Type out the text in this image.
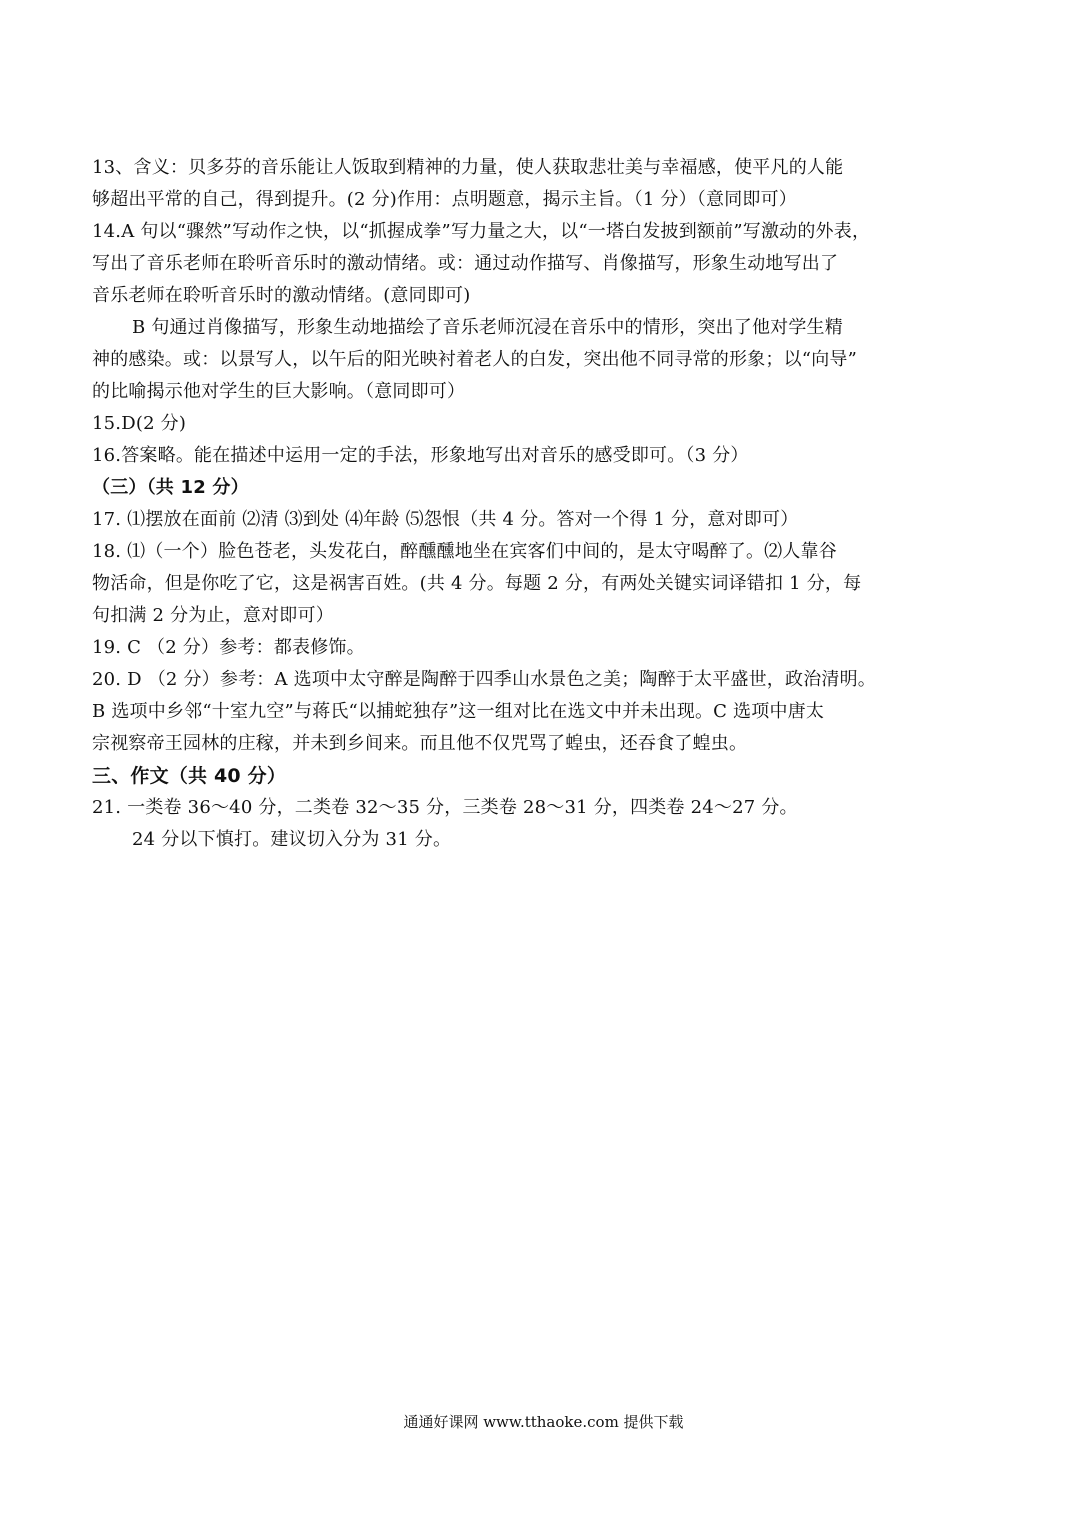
13、含义：贝多芬的音乐能让人饭取到精神的力量，使人获取悲壮美与幸福感，使平凡的人能
够超出平常的自己，得到提升。(2 分)作用：点明题意，揭示主旨。（1 分）（意同即可）
14.A 句以“骤然”写动作之快，以“抓握成拳”写力量之大，以“一塔白发披到额前”写激动的外表，
写出了音乐老师在聆听音乐时的激动情绪。或：通过动作描写、肖像描写，形象生动地写出了
音乐老师在聆听音乐时的激动情绪。(意同即可)
B 句通过肖像描写，形象生动地描绘了音乐老师沉浸在音乐中的情形，突出了他对学生精
神的感染。或：以景写人，以午后的阳光映衬着老人的白发，突出他不同寻常的形象；以“向导”
的比喻揭示他对学生的巨大影响。（意同即可）
15.D(2 分)
16.答案略。能在描述中运用一定的手法，形象地写出对音乐的感受即可。（3 分）
（三）（共 12 分）
17. ⑴摆放在面前 ⑵清 ⑶到处 ⑷年龄 ⑸怨恨（共 4 分。答对一个得 1 分，意对即可）
18. ⑴（一个）脸色苍老，头发花白，醉醺醺地坐在宾客们中间的，是太守喝醉了。⑵人靠谷
物活命，但是你吃了它，这是祸害百姓。(共 4 分。每题 2 分，有两处关键实词译错扣 1 分，每
句扣满 2 分为止，意对即可）
19. C （2 分）参考：都表修饰。
20. D （2 分）参考：A 选项中太守醉是陶醉于四季山水景色之美；陶醉于太平盛世，政治清明。
B 选项中乡邻“十室九空”与蒋氏“以捕蛇独存”这一组对比在选文中并未出现。C 选项中唐太
宗视察帝王园林的庄稼，并未到乡间来。而且他不仅咒骂了蝗虫，还吞食了蝗虫。
三、作文（共 40 分）
21. 一类卷 36～40 分，二类卷 32～35 分，三类卷 28～31 分，四类卷 24～27 分。
24 分以下慎打。建议切入分为 31 分。
通通好课网 www.tthaoke.com 提供下载
